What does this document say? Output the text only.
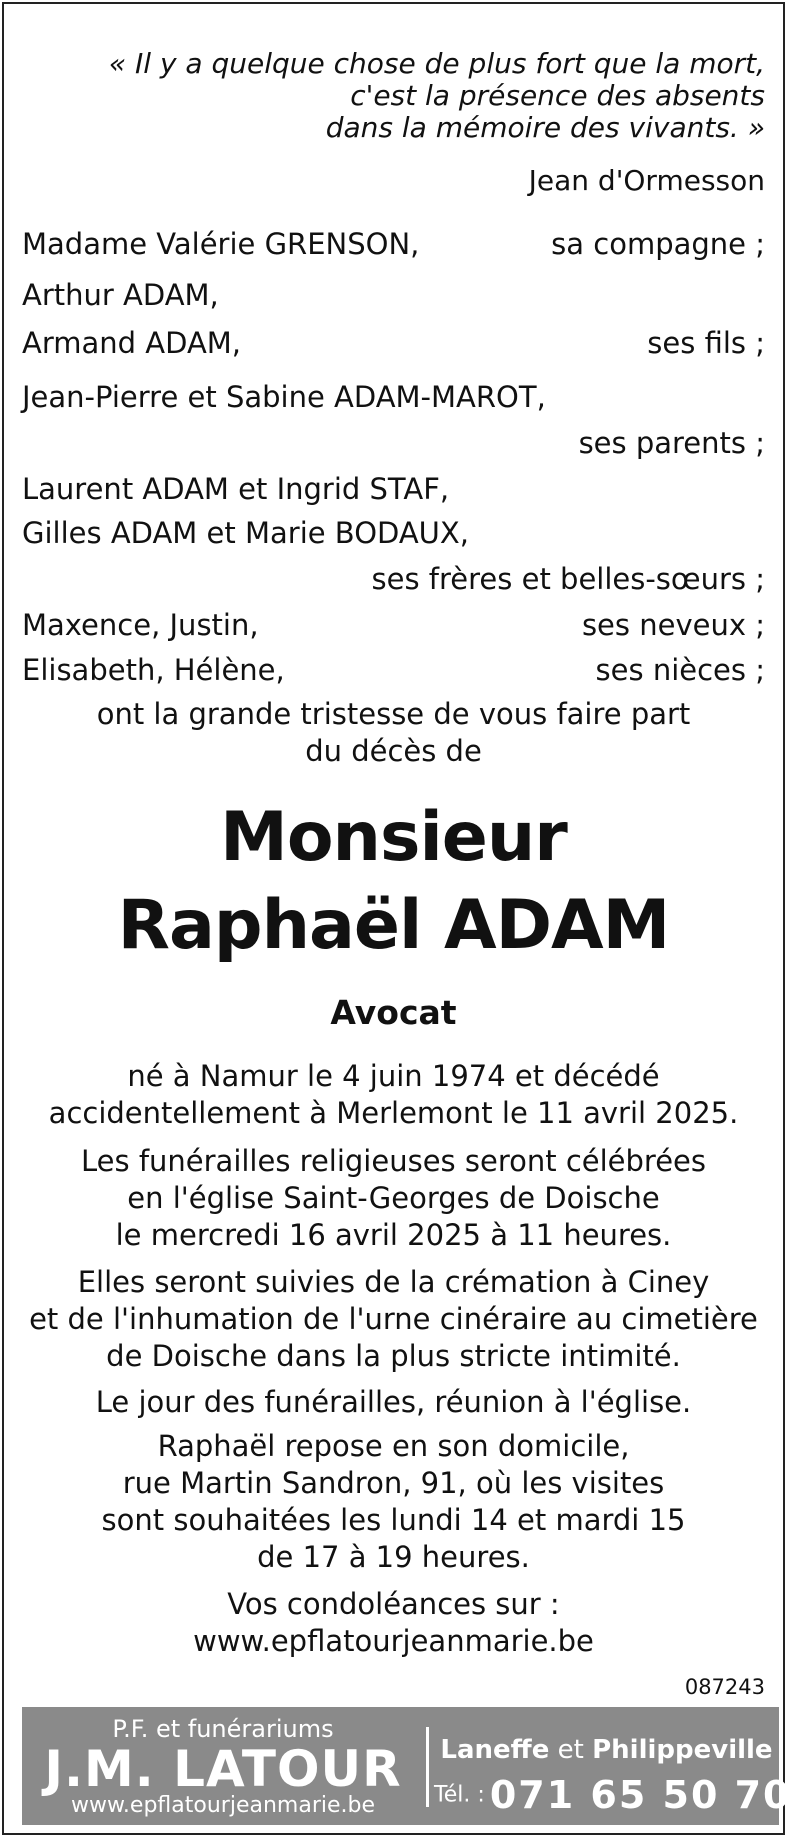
« Il y a quelque chose de plus fort que la mort,
c'est la présence des absents
dans la mémoire des vivants. »
Jean d'Ormesson
Madame Valérie GRENSON,	sa compagne ;
Arthur ADAM,
Armand ADAM,	ses fils ;
Jean-Pierre et Sabine ADAM-MAROT,
ses parents ;
Laurent ADAM et Ingrid STAF,
Gilles ADAM et Marie BODAUX,
ses frères et belles-sœurs ;
Maxence, Justin,	ses neveux ;
Elisabeth, Hélène,	ses nièces ;
ont la grande tristesse de vous faire part
du décès de
Monsieur
Raphaël ADAM
Avocat
né à Namur le 4 juin 1974 et décédé
accidentellement à Merlemont le 11 avril 2025.
Les funérailles religieuses seront célébrées
en l'église Saint-Georges de Doische
le mercredi 16 avril 2025 à 11 heures.
Elles seront suivies de la crémation à Ciney
et de l'inhumation de l'urne cinéraire au cimetière
de Doische dans la plus stricte intimité.
Le jour des funérailles, réunion à l'église.
Raphaël repose en son domicile,
rue Martin Sandron, 91, où les visites
sont souhaitées les lundi 14 et mardi 15
de 17 à 19 heures.
Vos condoléances sur :
www.epflatourjeanmarie.be
087243
P.F. et funérariums
J.M. LATOUR
www.epflatourjeanmarie.be
Laneffe et Philippeville
Tél. : 071 65 50 70
